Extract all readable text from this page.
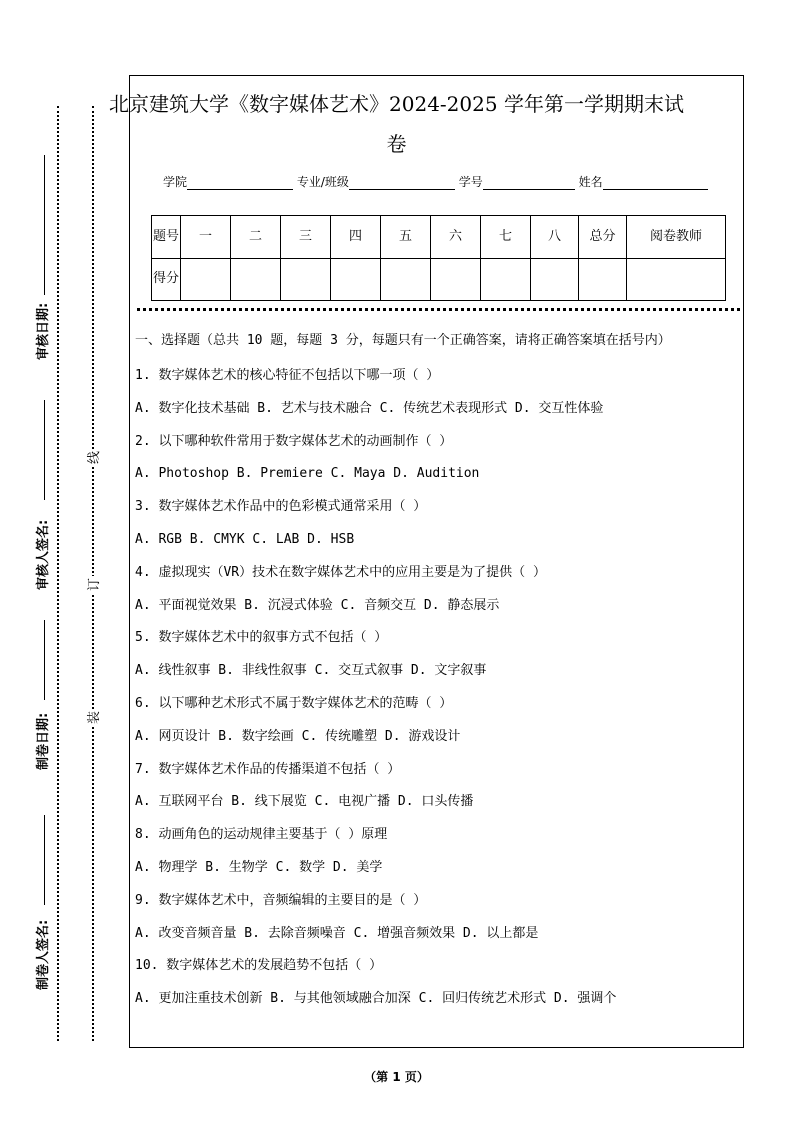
审核日期:
审核人签名:
制卷日期:
制卷人签名:
线
订
装
北京建筑大学《数字媒体艺术》2024-2025 学年第一学期期末试
卷
学院	专业/班级	学号	姓名
题号	一	二	三	四	五	六	七	八	总分	阅卷教师
得分										
一、选择题（总共 10 题，每题 3 分，每题只有一个正确答案，请将正确答案填在括号内）
1. 数字媒体艺术的核心特征不包括以下哪一项（ ）
A. 数字化技术基础 B. 艺术与技术融合 C. 传统艺术表现形式 D. 交互性体验
2. 以下哪种软件常用于数字媒体艺术的动画制作（ ）
A. Photoshop B. Premiere C. Maya D. Audition
3. 数字媒体艺术作品中的色彩模式通常采用（ ）
A. RGB B. CMYK C. LAB D. HSB
4. 虚拟现实（VR）技术在数字媒体艺术中的应用主要是为了提供（ ）
A. 平面视觉效果 B. 沉浸式体验 C. 音频交互 D. 静态展示
5. 数字媒体艺术中的叙事方式不包括（ ）
A. 线性叙事 B. 非线性叙事 C. 交互式叙事 D. 文字叙事
6. 以下哪种艺术形式不属于数字媒体艺术的范畴（ ）
A. 网页设计 B. 数字绘画 C. 传统雕塑 D. 游戏设计
7. 数字媒体艺术作品的传播渠道不包括（ ）
A. 互联网平台 B. 线下展览 C. 电视广播 D. 口头传播
8. 动画角色的运动规律主要基于（ ）原理
A. 物理学 B. 生物学 C. 数学 D. 美学
9. 数字媒体艺术中，音频编辑的主要目的是（ ）
A. 改变音频音量 B. 去除音频噪音 C. 增强音频效果 D. 以上都是
10. 数字媒体艺术的发展趋势不包括（ ）
A. 更加注重技术创新 B. 与其他领域融合加深 C. 回归传统艺术形式 D. 强调个
（第 1 页）
